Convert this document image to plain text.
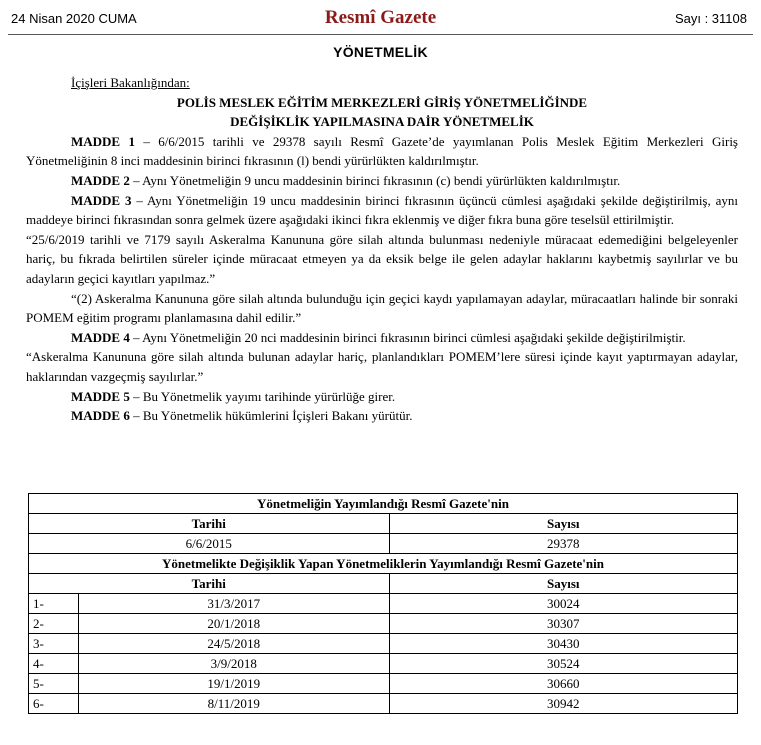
24 Nisan 2020 CUMA	Resmî Gazete	Sayı : 31108
YÖNETMELİK

İçişleri Bakanlığından:

POLİS MESLEK EĞİTİM MERKEZLERİ GİRİŞ YÖNETMELİĞİNDE

DEĞİŞİKLİK YAPILMASINA DAİR YÖNETMELİK

MADDE 1 – 6/6/2015 tarihli ve 29378 sayılı Resmî Gazete’de yayımlanan Polis Meslek Eğitim Merkezleri Giriş Yönetmeliğinin 8 inci maddesinin birinci fıkrasının (l) bendi yürürlükten kaldırılmıştır.

MADDE 2 – Aynı Yönetmeliğin 9 uncu maddesinin birinci fıkrasının (c) bendi yürürlükten kaldırılmıştır.

MADDE 3 – Aynı Yönetmeliğin 19 uncu maddesinin birinci fıkrasının üçüncü cümlesi aşağıdaki şekilde değiştirilmiş, aynı maddeye birinci fıkrasından sonra gelmek üzere aşağıdaki ikinci fıkra eklenmiş ve diğer fıkra buna göre teselsül ettirilmiştir.

“25/6/2019 tarihli ve 7179 sayılı Askeralma Kanununa göre silah altında bulunması nedeniyle müracaat edemediğini belgeleyenler hariç, bu fıkrada belirtilen süreler içinde müracaat etmeyen ya da eksik belge ile gelen adaylar haklarını kaybetmiş sayılırlar ve bu adayların geçici kayıtları yapılmaz.”

“(2) Askeralma Kanununa göre silah altında bulunduğu için geçici kaydı yapılamayan adaylar, müracaatları halinde bir sonraki POMEM eğitim programı planlamasına dahil edilir.”

MADDE 4 – Aynı Yönetmeliğin 20 nci maddesinin birinci fıkrasının birinci cümlesi aşağıdaki şekilde değiştirilmiştir.

“Askeralma Kanununa göre silah altında bulunan adaylar hariç, planlandıkları POMEM’lere süresi içinde kayıt yaptırmayan adaylar, haklarından vazgeçmiş sayılırlar.”

MADDE 5 – Bu Yönetmelik yayımı tarihinde yürürlüğe girer.

MADDE 6 – Bu Yönetmelik hükümlerini İçişleri Bakanı yürütür.

Yönetmeliğin Yayımlandığı Resmî Gazete'nin		
Tarihi		Sayısı
6/6/2015		29378
Yönetmelikte Değişiklik Yapan Yönetmeliklerin Yayımlandığı Resmî Gazete'nin		
Tarihi		Sayısı
1-	31/3/2017	30024
2-	20/1/2018	30307
3-	24/5/2018	30430
4-	3/9/2018	30524
5-	19/1/2019	30660
6-	8/11/2019	30942
